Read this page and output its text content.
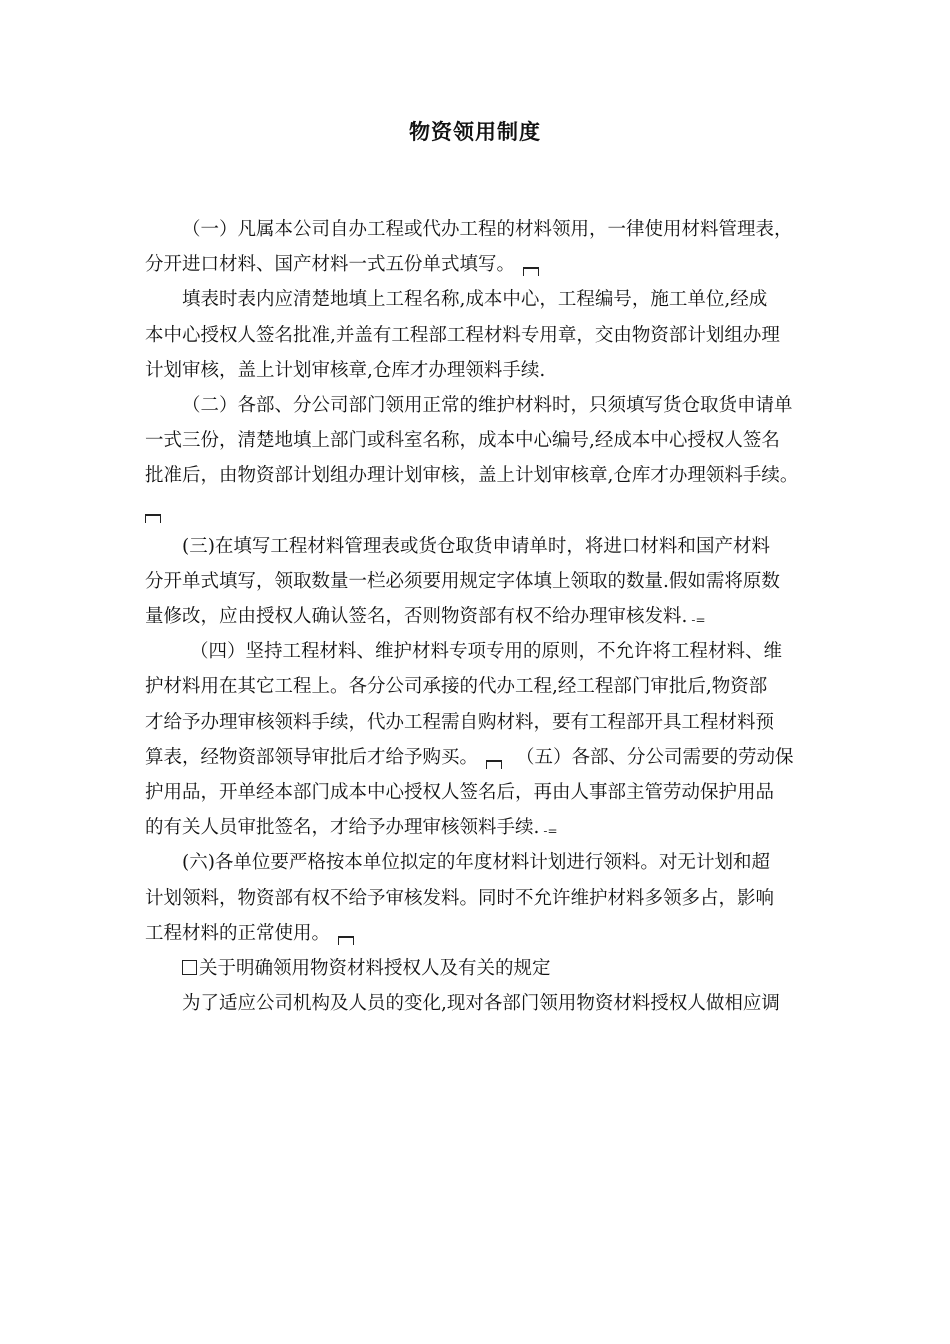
物资领用制度
（一）凡属本公司自办工程或代办工程的材料领用，一律使用材料管理表，
分开进口材料、国产材料一式五份单式填写。
填表时表内应清楚地填上工程名称,成本中心，工程编号，施工单位,经成
本中心授权人签名批准,并盖有工程部工程材料专用章，交由物资部计划组办理
计划审核，盖上计划审核章,仓库才办理领料手续.
（二）各部、分公司部门领用正常的维护材料时，只须填写货仓取货申请单
一式三份，清楚地填上部门或科室名称，成本中心编号,经成本中心授权人签名
批准后，由物资部计划组办理计划审核，盖上计划审核章,仓库才办理领料手续。
(三)在填写工程材料管理表或货仓取货申请单时，将进口材料和国产材料
分开单式填写，领取数量一栏必须要用规定字体填上领取的数量.假如需将原数
量修改，应由授权人确认签名，否则物资部有权不给办理审核发料. -=
（四）坚持工程材料、维护材料专项专用的原则，不允许将工程材料、维
护材料用在其它工程上。各分公司承接的代办工程,经工程部门审批后,物资部
才给予办理审核领料手续，代办工程需自购材料，要有工程部开具工程材料预
算表，经物资部领导审批后才给予购买。 （五）各部、分公司需要的劳动保
护用品，开单经本部门成本中心授权人签名后，再由人事部主管劳动保护用品
的有关人员审批签名，才给予办理审核领料手续. -=
(六)各单位要严格按本单位拟定的年度材料计划进行领料。对无计划和超
计划领料，物资部有权不给予审核发料。同时不允许维护材料多领多占，影响
工程材料的正常使用。
关于明确领用物资材料授权人及有关的规定
为了适应公司机构及人员的变化,现对各部门领用物资材料授权人做相应调
